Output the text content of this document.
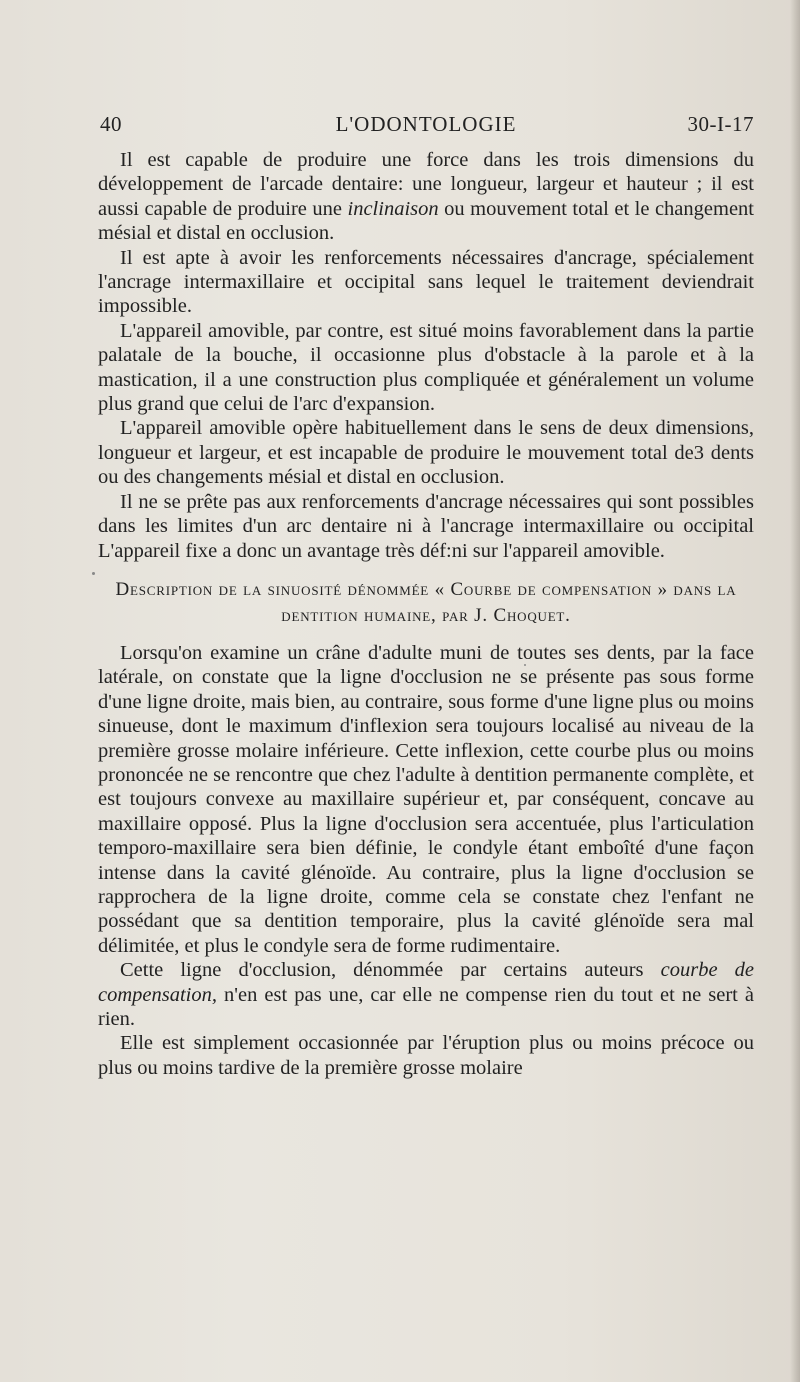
40	L'ODONTOLOGIE	30-I-17

Il est capable de produire une force dans les trois dimensions du développement de l'arcade dentaire: une longueur, largeur et hauteur ; il est aussi capable de produire une inclinaison ou mouvement total et le changement mésial et distal en occlusion.

Il est apte à avoir les renforcements nécessaires d'ancrage, spécialement l'ancrage intermaxillaire et occipital sans lequel le traitement deviendrait impossible.

L'appareil amovible, par contre, est situé moins favorablement dans la partie palatale de la bouche, il occasionne plus d'obstacle à la parole et à la mastication, il a une construction plus compliquée et généralement un volume plus grand que celui de l'arc d'expansion.

L'appareil amovible opère habituellement dans le sens de deux dimensions, longueur et largeur, et est incapable de produire le mouvement total de3 dents ou des changements mésial et distal en occlusion.

Il ne se prête pas aux renforcements d'ancrage nécessaires qui sont possibles dans les limites d'un arc dentaire ni à l'ancrage intermaxillaire ou occipital L'appareil fixe a donc un avantage très déf:ni sur l'appareil amovible.

Description de la sinuosité dénommée « Courbe de compensation » dans la dentition humaine, par J. Choquet.

Lorsqu'on examine un crâne d'adulte muni de toutes ses dents, par la face latérale, on constate que la ligne d'occlusion ne se présente pas sous forme d'une ligne droite, mais bien, au contraire, sous forme d'une ligne plus ou moins sinueuse, dont le maximum d'inflexion sera toujours localisé au niveau de la première grosse molaire inférieure. Cette inflexion, cette courbe plus ou moins prononcée ne se rencontre que chez l'adulte à dentition permanente complète, et est toujours convexe au maxillaire supérieur et, par conséquent, concave au maxillaire opposé. Plus la ligne d'occlusion sera accentuée, plus l'articulation temporo-maxillaire sera bien définie, le condyle étant emboîté d'une façon intense dans la cavité glénoïde. Au contraire, plus la ligne d'occlusion se rapprochera de la ligne droite, comme cela se constate chez l'enfant ne possédant que sa dentition temporaire, plus la cavité glénoïde sera mal délimitée, et plus le condyle sera de forme rudimentaire.

Cette ligne d'occlusion, dénommée par certains auteurs courbe de compensation, n'en est pas une, car elle ne compense rien du tout et ne sert à rien.

Elle est simplement occasionnée par l'éruption plus ou moins précoce ou plus ou moins tardive de la première grosse molaire
